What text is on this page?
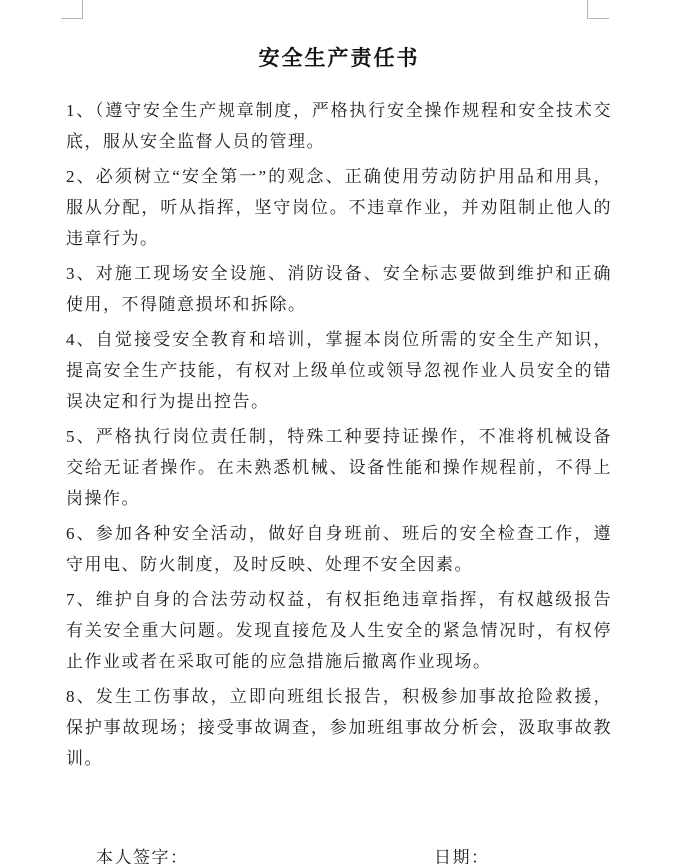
安全生产责任书

1、（遵守安全生产规章制度，严格执行安全操作规程和安全技术交底，服从安全监督人员的管理。

2、必须树立“安全第一”的观念、正确使用劳动防护用品和用具，服从分配，听从指挥，坚守岗位。不违章作业，并劝阻制止他人的违章行为。

3、对施工现场安全设施、消防设备、安全标志要做到维护和正确使用，不得随意损坏和拆除。

4、自觉接受安全教育和培训，掌握本岗位所需的安全生产知识，提高安全生产技能，有权对上级单位或领导忽视作业人员安全的错误决定和行为提出控告。

5、严格执行岗位责任制，特殊工种要持证操作，不准将机械设备交给无证者操作。在未熟悉机械、设备性能和操作规程前，不得上岗操作。

6、参加各种安全活动，做好自身班前、班后的安全检查工作，遵守用电、防火制度，及时反映、处理不安全因素。

7、维护自身的合法劳动权益，有权拒绝违章指挥，有权越级报告有关安全重大问题。发现直接危及人生安全的紧急情况时，有权停止作业或者在采取可能的应急措施后撤离作业现场。

8、发生工伤事故，立即向班组长报告，积极参加事故抢险救援，保护事故现场；接受事故调查，参加班组事故分析会，汲取事故教训。

本人签字：	日期：
